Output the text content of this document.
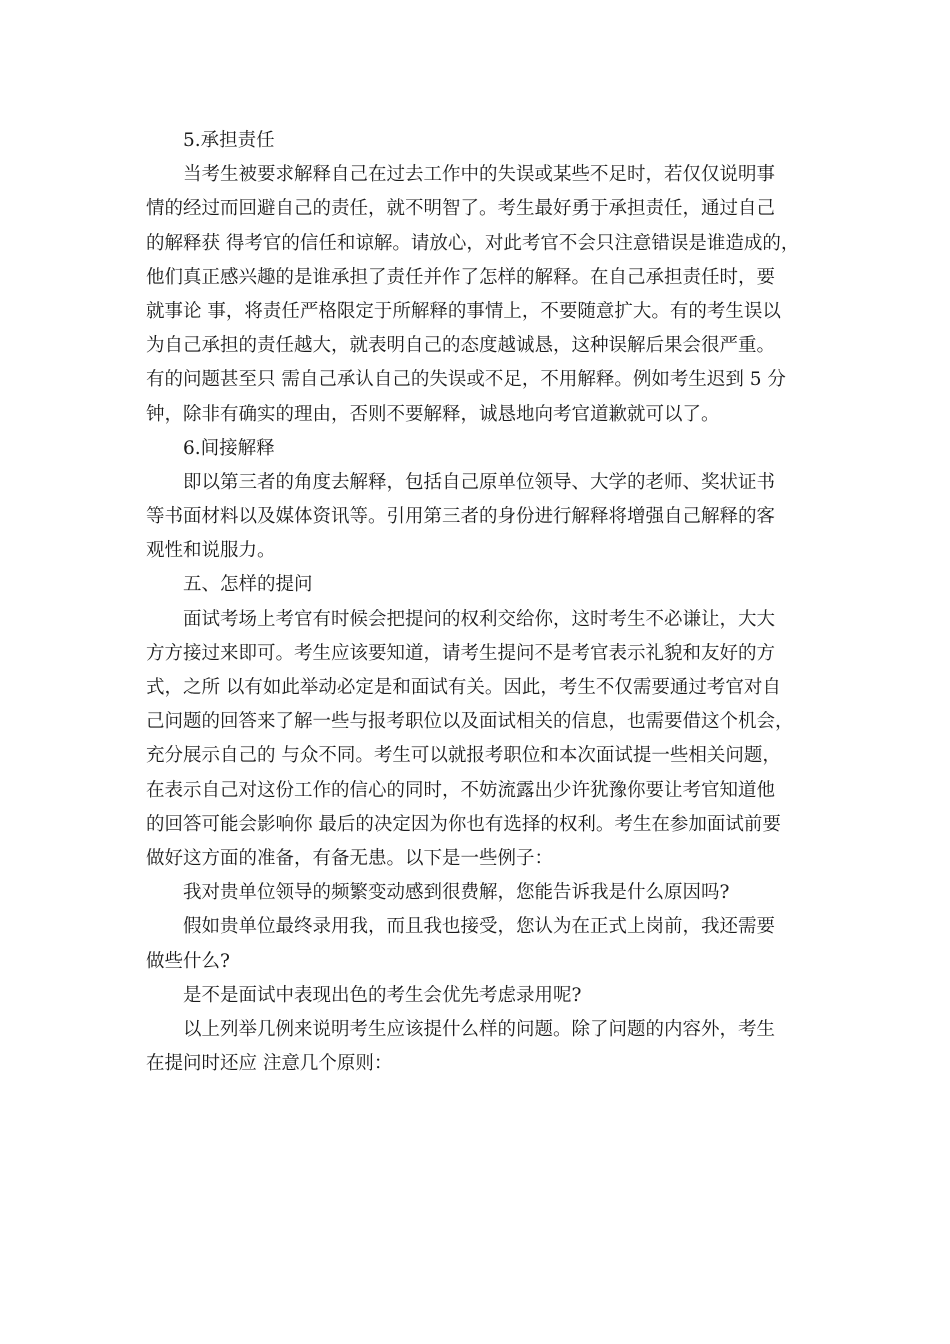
5.承担责任

当考生被要求解释自己在过去工作中的失误或某些不足时，若仅仅说明事

情的经过而回避自己的责任，就不明智了。考生最好勇于承担责任，通过自己

的解释获 得考官的信任和谅解。请放心，对此考官不会只注意错误是谁造成的，

他们真正感兴趣的是谁承担了责任并作了怎样的解释。在自己承担责任时，要

就事论 事，将责任严格限定于所解释的事情上，不要随意扩大。有的考生误以

为自己承担的责任越大，就表明自己的态度越诚恳，这种误解后果会很严重。

有的问题甚至只 需自己承认自己的失误或不足，不用解释。例如考生迟到 5 分

钟，除非有确实的理由，否则不要解释，诚恳地向考官道歉就可以了。

6.间接解释

即以第三者的角度去解释，包括自己原单位领导、大学的老师、奖状证书

等书面材料以及媒体资讯等。引用第三者的身份进行解释将增强自己解释的客

观性和说服力。

五、怎样的提问

面试考场上考官有时候会把提问的权利交给你，这时考生不必谦让，大大

方方接过来即可。考生应该要知道，请考生提问不是考官表示礼貌和友好的方

式，之所 以有如此举动必定是和面试有关。因此，考生不仅需要通过考官对自

己问题的回答来了解一些与报考职位以及面试相关的信息，也需要借这个机会，

充分展示自己的 与众不同。考生可以就报考职位和本次面试提一些相关问题，

在表示自己对这份工作的信心的同时，不妨流露出少许犹豫你要让考官知道他

的回答可能会影响你 最后的决定因为你也有选择的权利。考生在参加面试前要

做好这方面的准备，有备无患。以下是一些例子：

我对贵单位领导的频繁变动感到很费解，您能告诉我是什么原因吗?

假如贵单位最终录用我，而且我也接受，您认为在正式上岗前，我还需要

做些什么?

是不是面试中表现出色的考生会优先考虑录用呢?

以上列举几例来说明考生应该提什么样的问题。除了问题的内容外，考生

在提问时还应 注意几个原则：
